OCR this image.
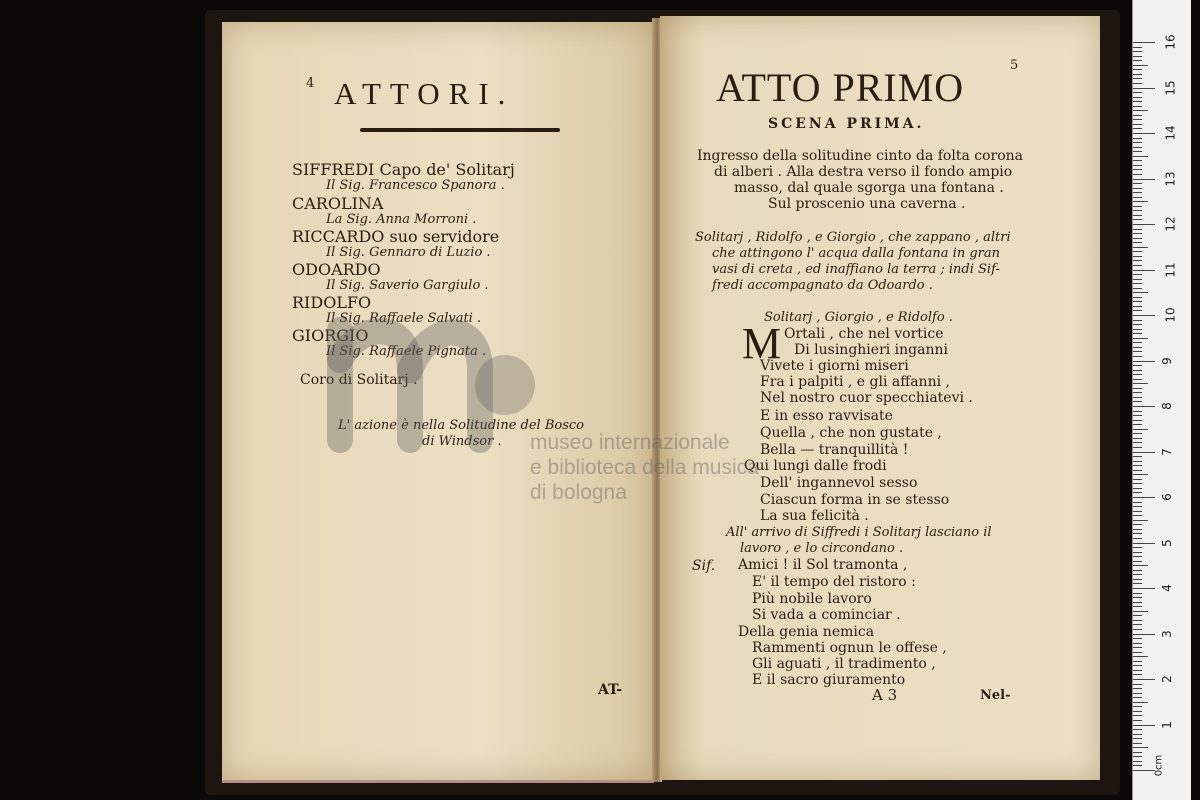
4 ATTORI.
SIFFREDI Capo de' Solitarj
Il Sig. Francesco Spanora .
CAROLINA
La Sig. Anna Morroni .
RICCARDO suo servidore
Il Sig. Gennaro di Luzio .
ODOARDO
Il Sig. Saverio Gargiulo .
RIDOLFO
Il Sig. Raffaele Salvati .
GIORGIO
Il Sig. Raffaele Pignata .
Coro di Solitarj .
L' azione è nella Solitudine del Bosco
di Windsor .
AT-
ATTO PRIMO	5
SCENA PRIMA.
Ingresso della solitudine cinto da folta corona
di alberi . Alla destra verso il fondo ampio
masso, dal quale sgorga una fontana .
Sul proscenio una caverna .
Solitarj , Ridolfo , e Giorgio , che zappano , altri
che attingono l' acqua dalla fontana in gran
vasi di creta , ed inaffiano la terra ; indi Sif-
fredi accompagnato da Odoardo .
Solitarj , Giorgio , e Ridolfo .
M Ortali , che nel vortice
Di lusinghieri inganni
Vivete i giorni miseri
Fra i palpiti , e gli affanni ,
Nel nostro cuor specchiatevi .
E in esso ravvisate
Quella , che non gustate ,
Bella — tranquillità !
Qui lungi dalle frodi
Dell' ingannevol sesso
Ciascun forma in se stesso
La sua felicità .
All' arrivo di Siffredi i Solitarj lasciano il
lavoro , e lo circondano .
Sif. Amici ! il Sol tramonta ,
E' il tempo del ristoro :
Più nobile lavoro
Si vada a cominciar .
Della genia nemica
Rammenti ognun le offese ,
Gli aguati , il tradimento ,
E il sacro giuramento
A 3	Nel-
museo internazionale
e biblioteca della musica
di bologna
1
2
3
4
5
6
7
8
9
10
11
12
13
14
15
16
0cm
